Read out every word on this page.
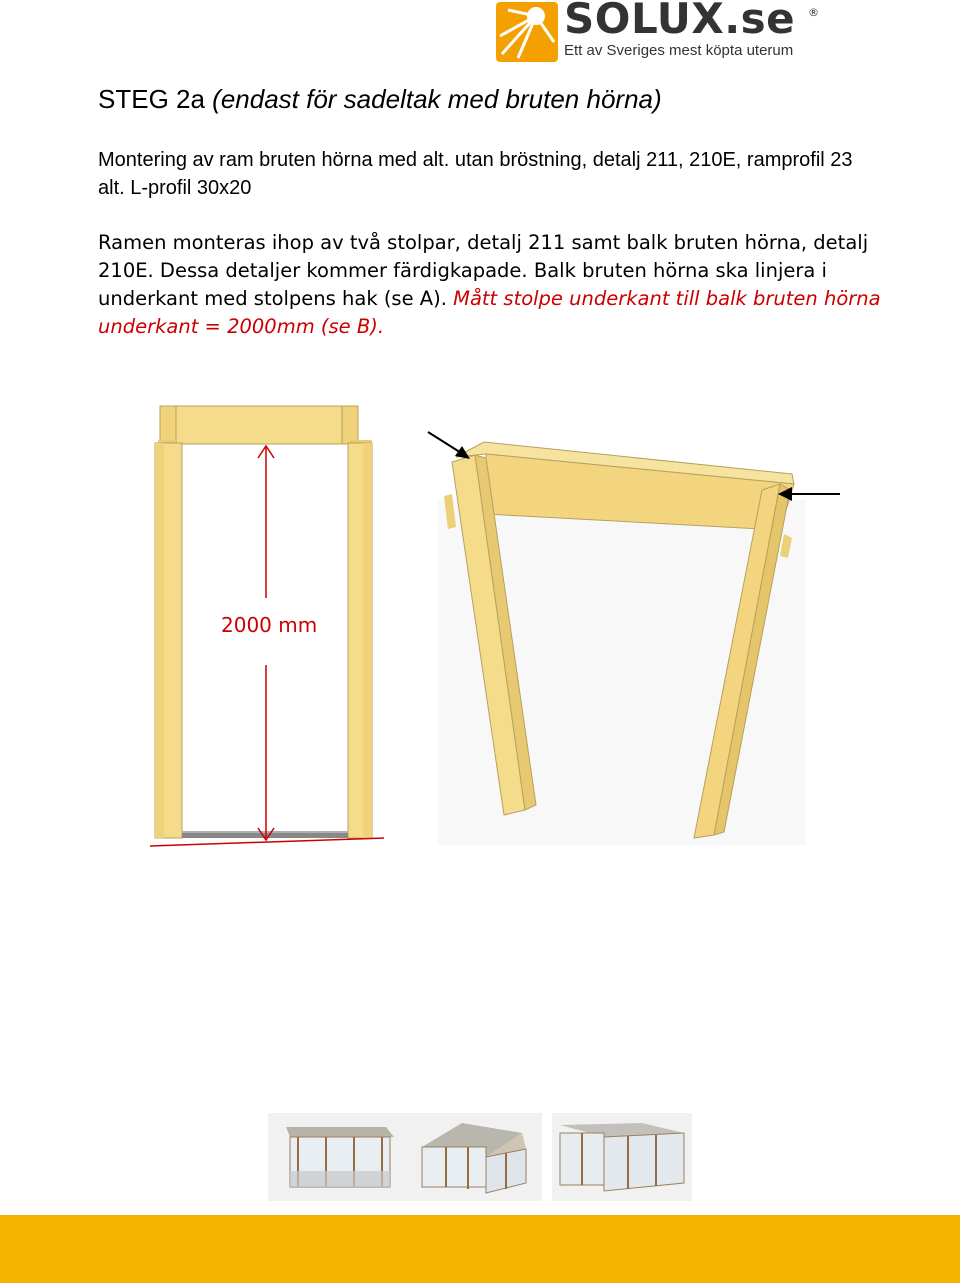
SOLUX.se ®
Ett av Sveriges mest köpta uterum
STEG 2a (endast för sadeltak med bruten hörna)
Montering av ram bruten hörna med alt. utan bröstning, detalj 211, 210E, ramprofil 23 alt. L-profil 30x20
Ramen monteras ihop av två stolpar, detalj 211 samt balk bruten hörna, detalj 210E. Dessa detaljer kommer färdigkapade. Balk bruten hörna ska linjera i underkant med stolpens hak (se A). Mått stolpe underkant till balk bruten hörna underkant = 2000mm (se B).
2000 mm
